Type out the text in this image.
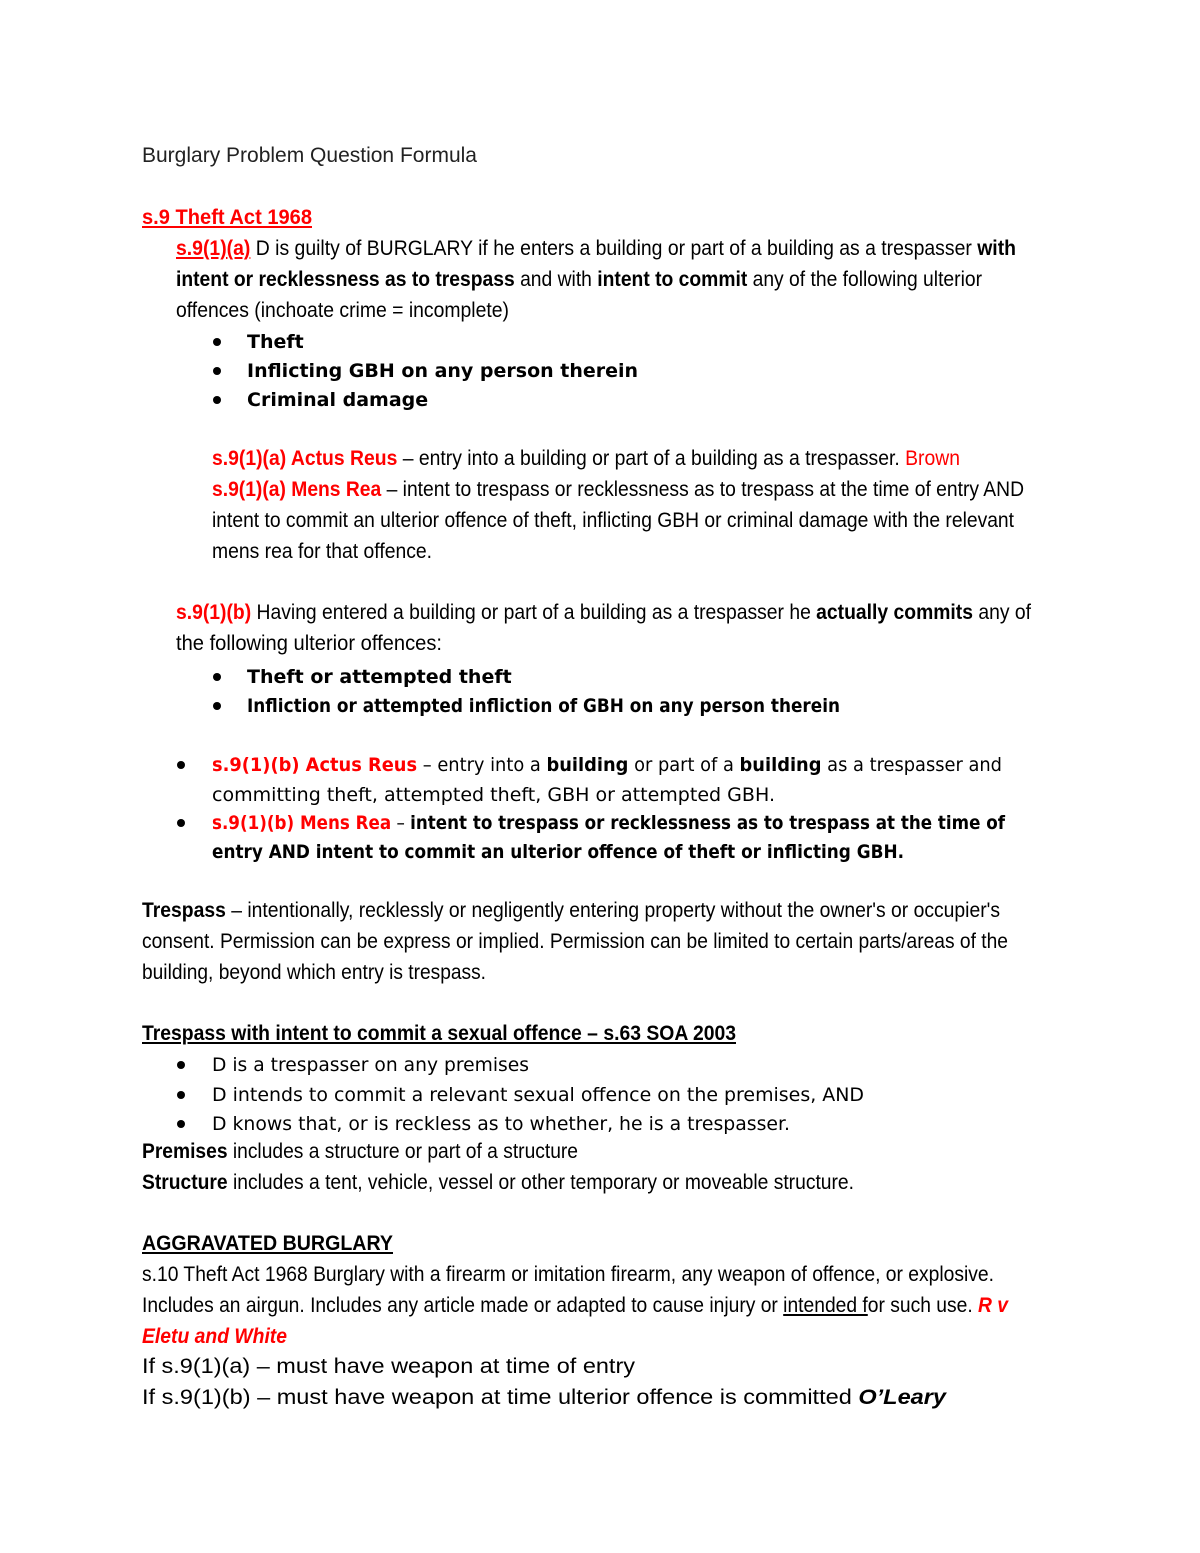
Burglary Problem Question Formula
s.9 Theft Act 1968
s.9(1)(a) D is guilty of BURGLARY if he enters a building or part of a building as a trespasser with
intent or recklessness as to trespass and with intent to commit any of the following ulterior
offences (inchoate crime = incomplete)
Theft
Inflicting GBH on any person therein
Criminal damage
s.9(1)(a) Actus Reus – entry into a building or part of a building as a trespasser. Brown
s.9(1)(a) Mens Rea – intent to trespass or recklessness as to trespass at the time of entry AND
intent to commit an ulterior offence of theft, inflicting GBH or criminal damage with the relevant
mens rea for that offence.
s.9(1)(b) Having entered a building or part of a building as a trespasser he actually commits any of
the following ulterior offences:
Theft or attempted theft
Infliction or attempted infliction of GBH on any person therein
s.9(1)(b) Actus Reus – entry into a building or part of a building as a trespasser and
committing theft, attempted theft, GBH or attempted GBH.
s.9(1)(b) Mens Rea – intent to trespass or recklessness as to trespass at the time of
entry AND intent to commit an ulterior offence of theft or inflicting GBH.
Trespass – intentionally, recklessly or negligently entering property without the owner's or occupier's
consent. Permission can be express or implied. Permission can be limited to certain parts/areas of the
building, beyond which entry is trespass.
Trespass with intent to commit a sexual offence – s.63 SOA 2003
D is a trespasser on any premises
D intends to commit a relevant sexual offence on the premises, AND
D knows that, or is reckless as to whether, he is a trespasser.
Premises includes a structure or part of a structure
Structure includes a tent, vehicle, vessel or other temporary or moveable structure.
AGGRAVATED BURGLARY
s.10 Theft Act 1968 Burglary with a firearm or imitation firearm, any weapon of offence, or explosive.
Includes an airgun. Includes any article made or adapted to cause injury or intended for such use. R v
Eletu and White
If s.9(1)(a) – must have weapon at time of entry
If s.9(1)(b) – must have weapon at time ulterior offence is committed O’Leary
